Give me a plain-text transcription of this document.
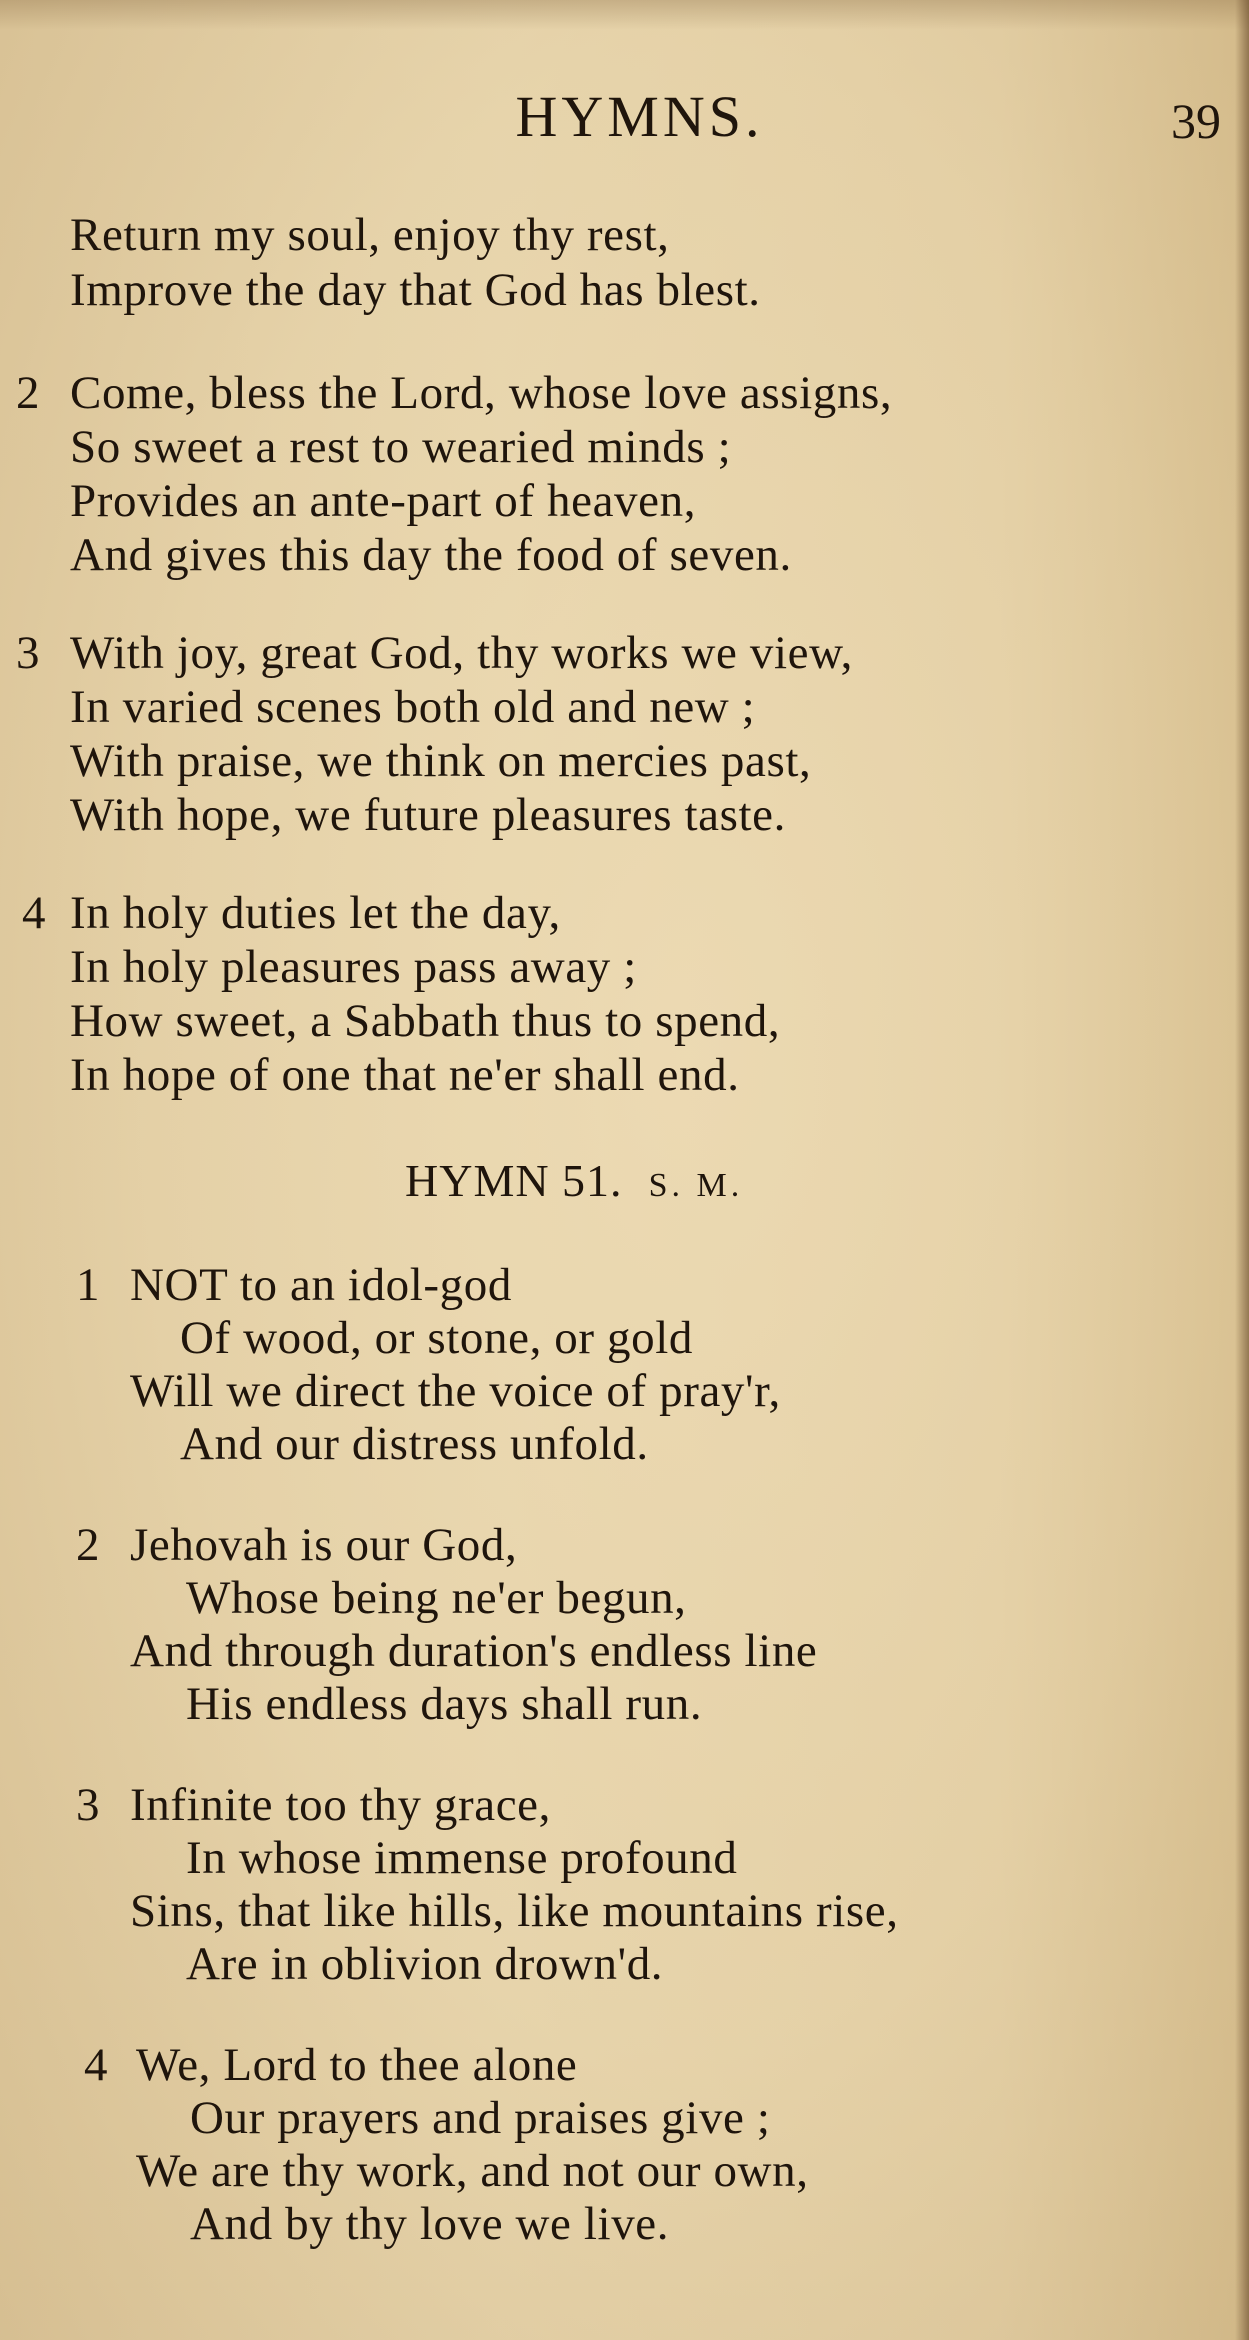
HYMNS.	39
Return my soul, enjoy thy rest,
Improve the day that God has blest.
2 Come, bless the Lord, whose love assigns,
So sweet a rest to wearied minds ;
Provides an ante-part of heaven,
And gives this day the food of seven.
3 With joy, great God, thy works we view,
In varied scenes both old and new ;
With praise, we think on mercies past,
With hope, we future pleasures taste.
4 In holy duties let the day,
In holy pleasures pass away ;
How sweet, a Sabbath thus to spend,
In hope of one that ne'er shall end.
HYMN 51. S. M.
1 NOT to an idol-god
Of wood, or stone, or gold
Will we direct the voice of pray'r,
And our distress unfold.
2 Jehovah is our God,
Whose being ne'er begun,
And through duration's endless line
His endless days shall run.
3 Infinite too thy grace,
In whose immense profound
Sins, that like hills, like mountains rise,
Are in oblivion drown'd.
4 We, Lord to thee alone
Our prayers and praises give ;
We are thy work, and not our own,
And by thy love we live.
